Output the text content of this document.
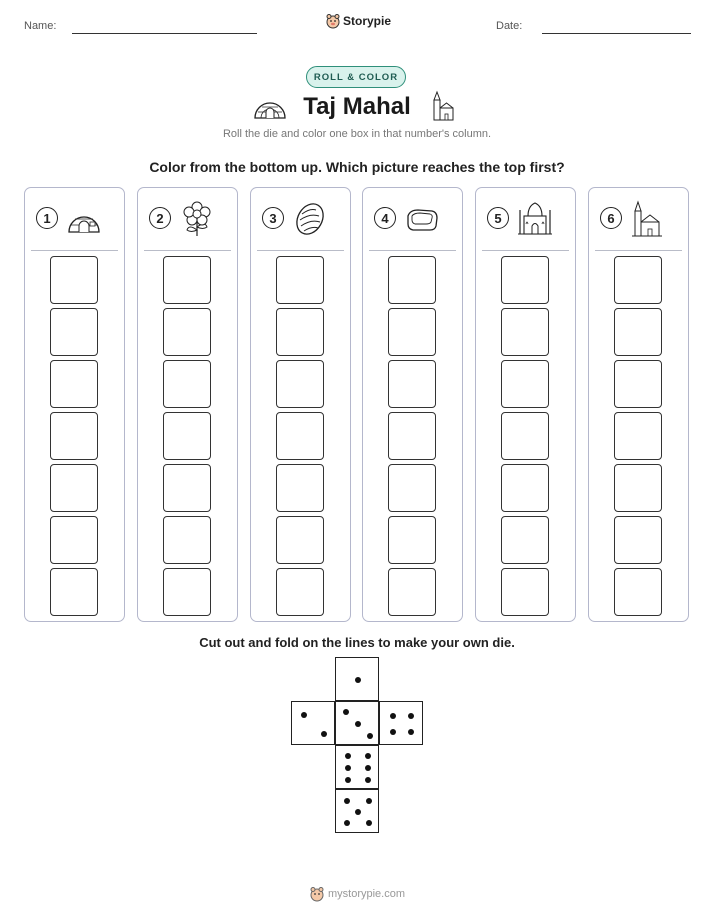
Name:	Storypie	Date:
ROLL & COLOR
Taj Mahal
Roll the die and color one box in that number's column.
Color from the bottom up. Which picture reaches the top first?
1	2	3	4	5	6
Cut out and fold on the lines to make your own die.
mystorypie.com
